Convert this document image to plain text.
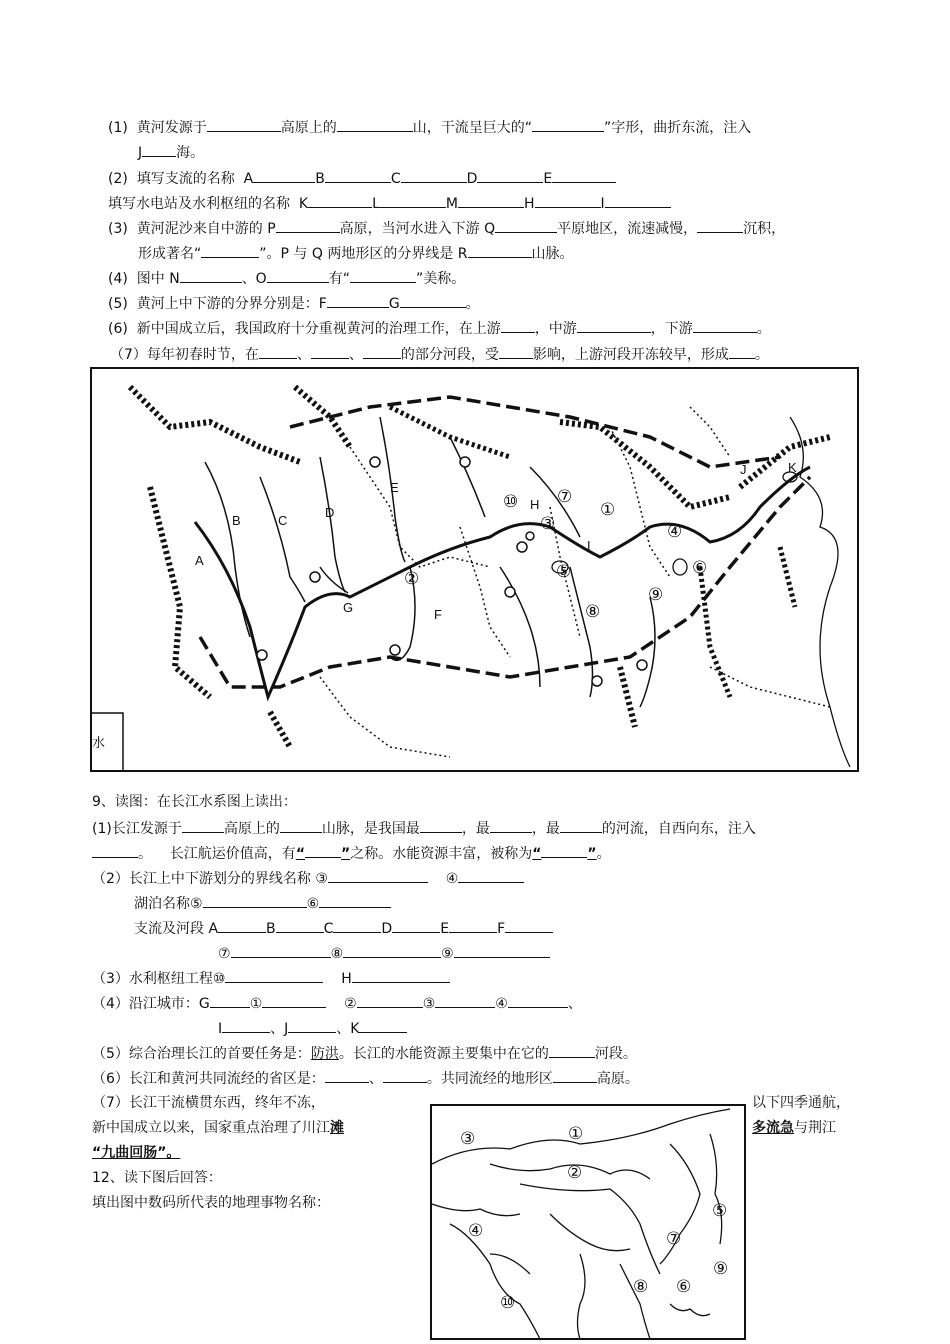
(1) 黄河发源于	高原上的	山，干流呈巨大的“	”字形，曲折东流，注入
J 海。
(2) 填写支流的名称 A	B	C	D	E
填写水电站及水利枢纽的名称 K	L	M	H	I
(3) 黄河泥沙来自中游的 P	高原，当河水进入下游 Q	平原地区，流速减慢，	沉积，
形成著名“	”。P 与 Q 两地形区的分界线是 R	山脉。
(4) 图中 N	、O	有“	”美称。
(5) 黄河上中下游的分界分别是：F	G	。
(6) 新中国成立后，我国政府十分重视黄河的治理工作，在上游 ，中游	，下游	。
（7）每年初春时节，在	、	、	的部分河段，受 影响，上游河段开冻较早，形成 。
A
B	C
D
E
F
G
H
I
J	K
⑩ ⑦
①
③
②	⑤
⑧
⑨
④
⑥
水
9、读图：在长江水系图上读出：
(1)长江发源于	高原上的	山脉，是我国最	，最	，最	的河流，自西向东，注入
。 长江航运价值高，有“	”之称。水能资源丰富，被称为“	”。
（2）长江上中下游划分的界线名称 ③	④
湖泊名称⑤	⑥
支流及河段 A	B	C	D	E	F
⑦	⑧	⑨
（3）水利枢纽工程⑩	H
（4）沿江城市：G	①	②	③	④	、
I	、J	、K
（5）综合治理长江的首要任务是：防洪。长江的水能资源主要集中在它的	河段。
（6）长江和黄河共同流经的省区是：	、	。共同流经的地形区	高原。
（7）长江干流横贯东西，终年不冻，	以下四季通航，
新中国成立以来，国家重点治理了川江滩	多流急与荆江
“九曲回肠”。
12、读下图后回答：
填出图中数码所代表的地理事物名称：
①
②
③
④
⑤
⑥
⑦
⑧
⑨
⑩
